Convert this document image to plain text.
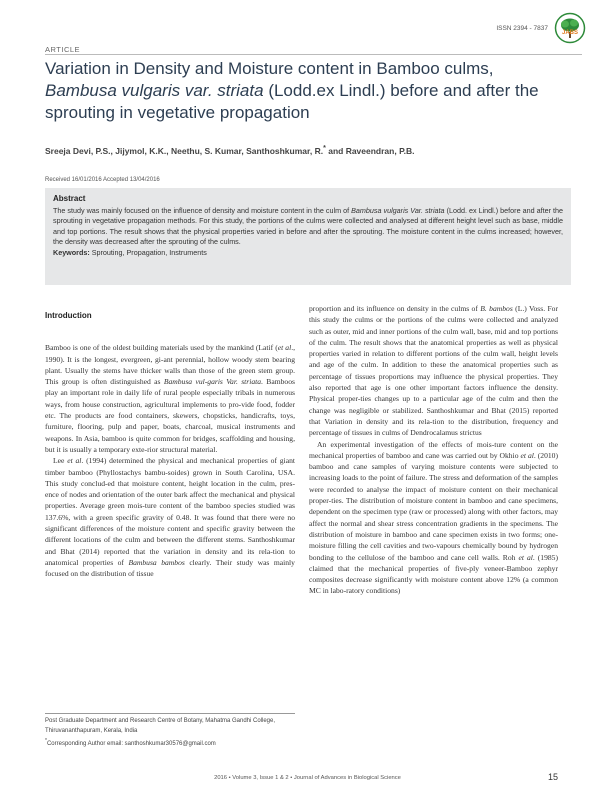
ISSN 2394 - 7837
JABS
ARTICLE
Variation in Density and Moisture content in Bamboo culms,
Bambusa vulgaris var. striata (Lodd.ex Lindl.) before and after the sprouting in vegetative propagation
Sreeja Devi, P.S., Jijymol, K.K., Neethu, S. Kumar, Santhoshkumar, R.* and Raveendran, P.B.
Received 16/01/2016 Accepted 13/04/2016
Abstract
The study was mainly focused on the influence of density and moisture content in the culm of Bambusa vulgaris Var. striata (Lodd. ex Lindl.) before and after the sprouting in vegetative propagation methods. For this study, the portions of the culms were collected and analysed at different height level such as base, middle and top portions. The result shows that the physical properties varied in before and after the sprouting. The moisture content in the culms increased; however, the density was decreased after the sprouting of the culms.
Keywords: Sprouting, Propagation, Instruments
Introduction

Bamboo is one of the oldest building materials used by the mankind (Latif (et al., 1990). It is the longest, evergreen, gi-ant perennial, hollow woody stem bearing plant. Usually the stems have thicker walls than those of the green stem group. This group is often distinguished as Bambusa vul-garis Var. striata. Bamboos play an important role in daily life of rural people especially tribals in numerous ways, from house construction, agricultural implements to pro-vide food, fodder etc. The products are food containers, skewers, chopsticks, handicrafts, toys, furniture, flooring, pulp and paper, boats, charcoal, musical instruments and weapons. In Asia, bamboo is quite common for bridges, scaffolding and housing, but it is usually a temporary exte-rior structural material.

Lee et al. (1994) determined the physical and mechanical properties of giant timber bamboo (Phyllostachys bambu-soides) grown in South Carolina, USA. This study conclud-ed that moisture content, height location in the culm, pres-ence of nodes and orientation of the outer bark affect the mechanical and physical properties. Average green mois-ture content of the bamboo species studied was 137.6%, with a green specific gravity of 0.48. It was found that there were no significant differences of the moisture content and specific gravity between the different locations of the culm and between the different stems. Santhoshkumar and Bhat (2014) reported that the variation in density and its rela-tion to anatomical properties of Bambusa bambos clearly. Their study was mainly focused on the distribution of tissue

proportion and its influence on density in the culms of B. bambos (L.) Voss. For this study the culms or the portions of the culms were collected and analyzed such as outer, mid and inner portions of the culm wall, base, mid and top portions of the culm. The result shows that the anatomical properties as well as physical properties varied in relation to different portions of the culm wall, height levels and age of the culm. In addition to these the anatomical properties such as percentage of tissues proportions may influence the physical properties. They also reported that age is one other important factors influence the density. Physical proper-ties changes up to a particular age of the culm and then the change was negligible or stabilized. Santhoshkumar and Bhat (2015) reported that Variation in density and its rela-tion to the distribution, frequency and percentage of tissues in culms of Dendrocalamus strictus

An experimental investigation of the effects of mois-ture content on the mechanical properties of bamboo and cane was carried out by Okhio et al. (2010) bamboo and cane samples of varying moisture contents were subjected to increasing loads to the point of failure. The stress and deformation of the samples were recorded to analyse the impact of moisture content on their mechanical proper-ties. The distribution of moisture content in bamboo and cane specimens, dependent on the specimen type (raw or processed) along with other factors, may affect the normal and shear stress concentration gradients in the specimens. The distribution of moisture in bamboo and cane specimen exists in two forms; one- moisture filling the cell cavities and two-vapours chemically bound by hydrogen bonding to the cellulose of the bamboo and cane cell walls. Roh et al. (1985) claimed that the mechanical properties of five-ply veneer-Bamboo zephyr composites decrease significantly with moisture content above 12% (a common MC in labo-ratory conditions)

Post Graduate Department and Research Centre of Botany, Mahatma Gandhi College, Thiruvananthapuram, Kerala, India
*Corresponding Author email: santhoshkumar30576@gmail.com
2016 • Volume 3, Issue 1 & 2 • Journal of Advances in Biological Science	15
